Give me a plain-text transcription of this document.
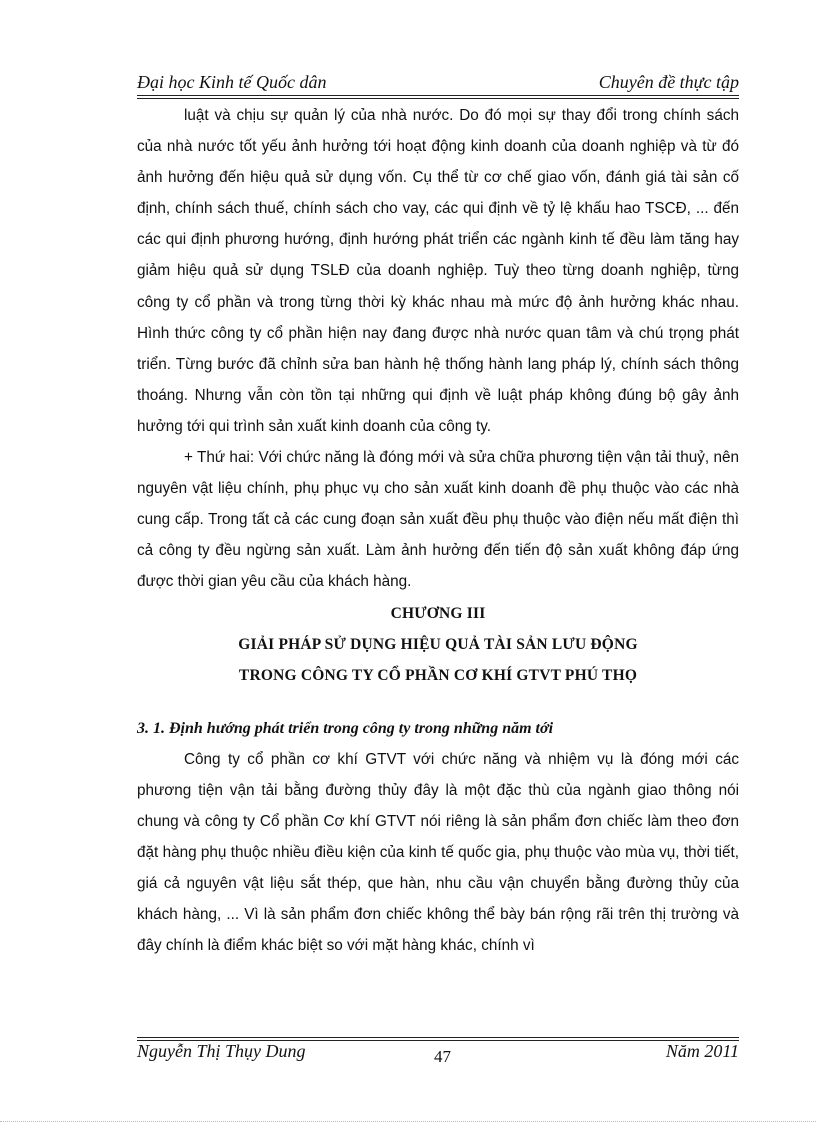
Đại học Kinh tế Quốc dân	Chuyên đề thực tập

luật và chịu sự quản lý của nhà nước. Do đó mọi sự thay đổi trong chính sách của nhà nước tốt yếu ảnh hưởng tới hoạt động kinh doanh của doanh nghiệp và từ đó ảnh hưởng đến hiệu quả sử dụng vốn. Cụ thể từ cơ chế giao vốn, đánh giá tài sản cố định, chính sách thuế, chính sách cho vay, các qui định về tỷ lệ khấu hao TSCĐ, ... đến các qui định phương hướng, định hướng phát triển các ngành kinh tế đều làm tăng hay giảm hiệu quả sử dụng TSLĐ của doanh nghiệp. Tuỳ theo từng doanh nghiệp, từng công ty cổ phần và trong từng thời kỳ khác nhau mà mức độ ảnh hưởng khác nhau. Hình thức công ty cổ phần hiện nay đang được nhà nước quan tâm và chú trọng phát triển. Từng bước đã chỉnh sửa ban hành hệ thống hành lang pháp lý, chính sách thông thoáng. Nhưng vẫn còn tồn tại những qui định về luật pháp không đúng bộ gây ảnh hưởng tới qui trình sản xuất kinh doanh của công ty.

+ Thứ hai: Với chức năng là đóng mới và sửa chữa phương tiện vận tải thuỷ, nên nguyên vật liệu chính, phụ phục vụ cho sản xuất kinh doanh đề phụ thuộc vào các nhà cung cấp. Trong tất cả các cung đoạn sản xuất đều phụ thuộc vào điện nếu mất điện thì cả công ty đều ngừng sản xuất. Làm ảnh hưởng đến tiến độ sản xuất không đáp ứng được thời gian yêu cầu của khách hàng.

CHƯƠNG III

GIẢI PHÁP SỬ DỤNG HIỆU QUẢ TÀI SẢN LƯU ĐỘNG

TRONG CÔNG TY CỔ PHẦN CƠ KHÍ GTVT PHÚ THỌ

3. 1. Định hướng phát triển trong công ty trong những năm tới

Công ty cổ phần cơ khí GTVT với chức năng và nhiệm vụ là đóng mới các phương tiện vận tải bằng đường thủy đây là một đặc thù của ngành giao thông nói chung và công ty Cổ phần Cơ khí GTVT nói riêng là sản phẩm đơn chiếc làm theo đơn đặt hàng phụ thuộc nhiều điều kiện của kinh tế quốc gia, phụ thuộc vào mùa vụ, thời tiết, giá cả nguyên vật liệu sắt thép, que hàn, nhu cầu vận chuyển bằng đường thủy của khách hàng, ... Vì là sản phẩm đơn chiếc không thể bày bán rộng rãi trên thị trường và đây chính là điểm khác biệt so với mặt hàng khác, chính vì

Nguyễn Thị Thụy Dung	47	Năm 2011
